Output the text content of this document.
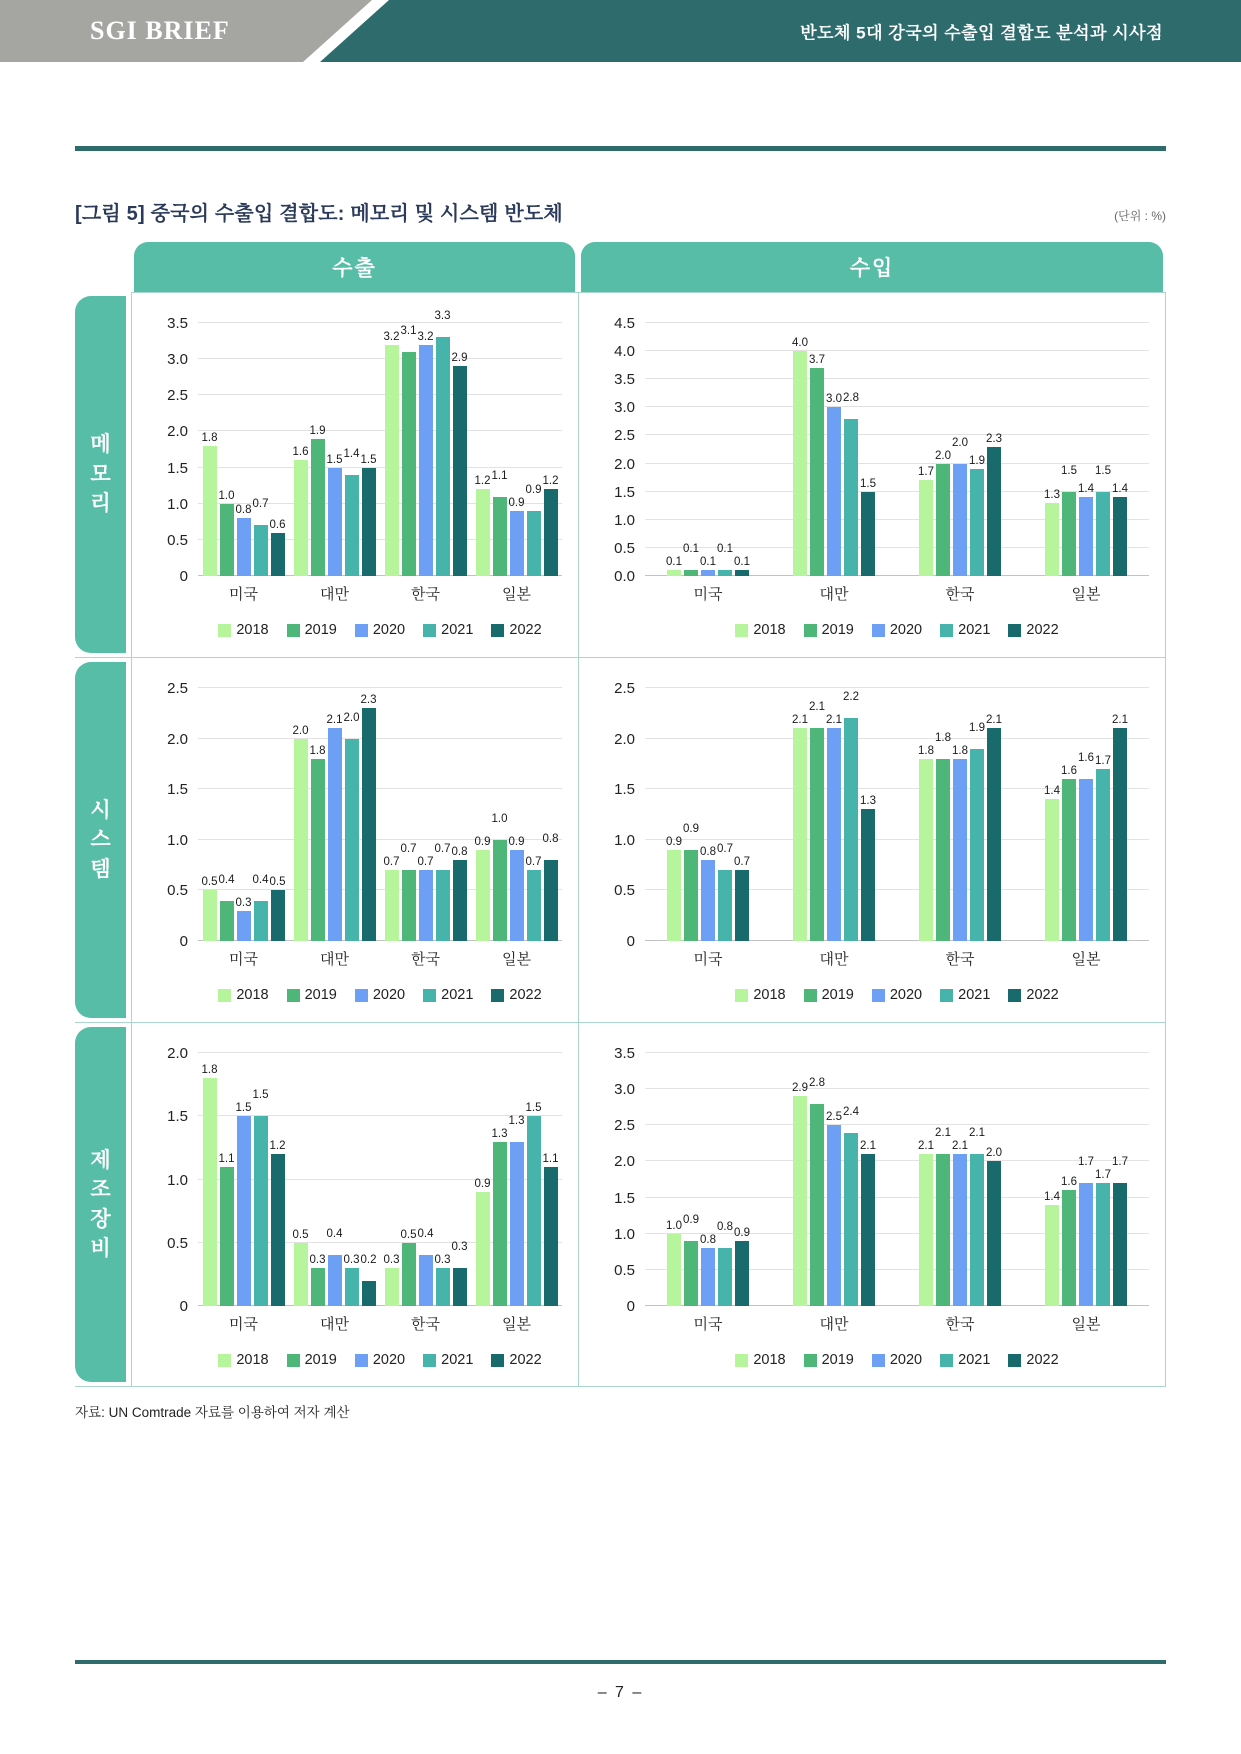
SGI BRIEF	반도체 5대 강국의 수출입 결합도 분석과 시사점
[그림 5] 중국의 수출입 결합도: 메모리 및 시스템 반도체	(단위 : %)
수출	수입
메
모
리
3.5
3.0
2.5
2.0
1.5
1.0
0.5
0
1.8
1.0
0.8 0.7
0.6
1.6
1.9
1.5 1.4 1.5
3.2 3.1 3.2
3.3
2.9
1.2 1.1
0.9
0.9
1.2
미국	대만	한국	일본
2018 2019 2020 2021 2022
4.5
4.0
3.5
3.0
2.5
2.0
1.5
1.0
0.5
0.0
0.1
0.1
0.1
0.1
0.1
4.0
3.7
3.0 2.8
1.5
1.7
2.0
2.0
1.9
2.3
1.3
1.5
1.4
1.5
1.4
미국	대만	한국	일본
2018 2019 2020 2021 2022
시
스
템
2.5
2.0
1.5
1.0
0.5
0
0.5 0.4
0.3
0.4 0.5
2.0
1.8
2.1 2.0
2.3
0.7
0.7
0.7
0.7 0.8
0.9
1.0
0.9
0.7
0.8
미국	대만	한국	일본
2018 2019 2020 2021 2022
2.5
2.0
1.5
1.0
0.5
0
0.9
0.9
0.8 0.7
0.7
2.1
2.1
2.1
2.2
1.3
1.8
1.8
1.8
1.9
2.1
1.4
1.6
1.6 1.7
2.1
미국	대만	한국	일본
2018 2019 2020 2021 2022
제
조
장
비
2.0
1.5
1.0
0.5
0
1.8
1.1
1.5
1.5
1.2
0.5
0.3
0.4
0.3 0.2 0.3
0.5 0.4
0.3
0.3
0.9
1.3
1.3
1.5
1.1
미국	대만	한국	일본
2018 2019 2020 2021 2022
3.5
3.0
2.5
2.0
1.5
1.0
0.5
0
1.0 0.9
0.8
0.8 0.9
2.9 2.8
2.5 2.4
2.1	2.1
2.1
2.1
2.1
2.0
1.4
1.6
1.7
1.7
1.7
미국	대만	한국	일본
2018 2019 2020 2021 2022
자료: UN Comtrade 자료를 이용하여 저자 계산
– 7 –
